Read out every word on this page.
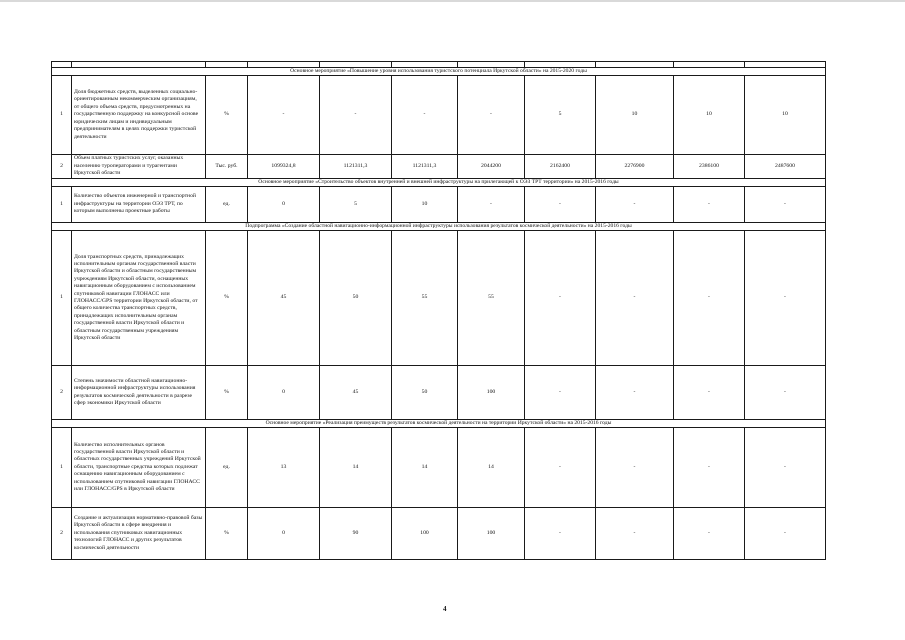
Основное мероприятие «Повышение уровня использования туристского потенциала Иркутской области» на 2015-2020 годы										
1	Доля бюджетных средств, выделенных социально-ориентированным некоммерческим организациям, от общего объема средств, предусмотренных на государственную поддержку на конкурсной основе юридическим лицам и индивидуальным предпринимателям в целях поддержки туристской деятельности	%	-	-	-	-	5	10	10	10
2	Объем платных туристских услуг, оказанных населению туроператорами и турагентами Иркутской области	Тыс. руб.	1099324,8	1121311,3	1121311,3	2044200	2162400	2276900	2386100	2487600
Основное мероприятие «Строительство объектов внутренней и внешней инфраструктуры на прилегающей к ОЭЗ ТРТ территории» на 2015-2016 годы										
1	Количество объектов инженерной и транспортной инфраструктуры на территории ОЭЗ ТРТ, по которым выполнены проектные работы	ед.	0	5	10	-	-	-	-	-
Подпрограмма «Создание областной навигационно-информационной инфраструктуры использования результатов космической деятельности» на 2015-2016 годы										
1	Доля транспортных средств, принадлежащих исполнительным органам государственной власти Иркутской области и областным государственным учреждениям Иркутской области, оснащенных навигационным оборудованием с использованием спутниковой навигации ГЛОНАСС или ГЛОНАСС/GPS территории Иркутской области, от общего количества транспортных средств, принадлежащих исполнительным органам государственной власти Иркутской области и областным государственным учреждениям Иркутской области	%	45	50	55	55	-	-	-	-
2	Степень значимости областной навигационно-информационной инфраструктуры использования результатов космической деятельности в разрезе сфер экономики Иркутской области	%	0	45	50	100	-	-	-	-
Основное мероприятие «Реализация преимуществ результатов космической деятельности на территории Иркутской области» на 2015-2016 годы										
1	Количество исполнительных органов государственной власти Иркутской области и областных государственных учреждений Иркутской области, транспортные средства которых подлежат оснащению навигационным оборудованием с использованием спутниковой навигации ГЛОНАСС или ГЛОНАСС/GPS в Иркутской области	ед.	13	14	14	14	-	-	-	-
2	Создание и актуализация нормативно-правовой базы Иркутской области в сфере внедрения и использования спутниковых навигационных технологий ГЛОНАСС и других результатов космической деятельности	%	0	90	100	100	-	-	-	-
4
